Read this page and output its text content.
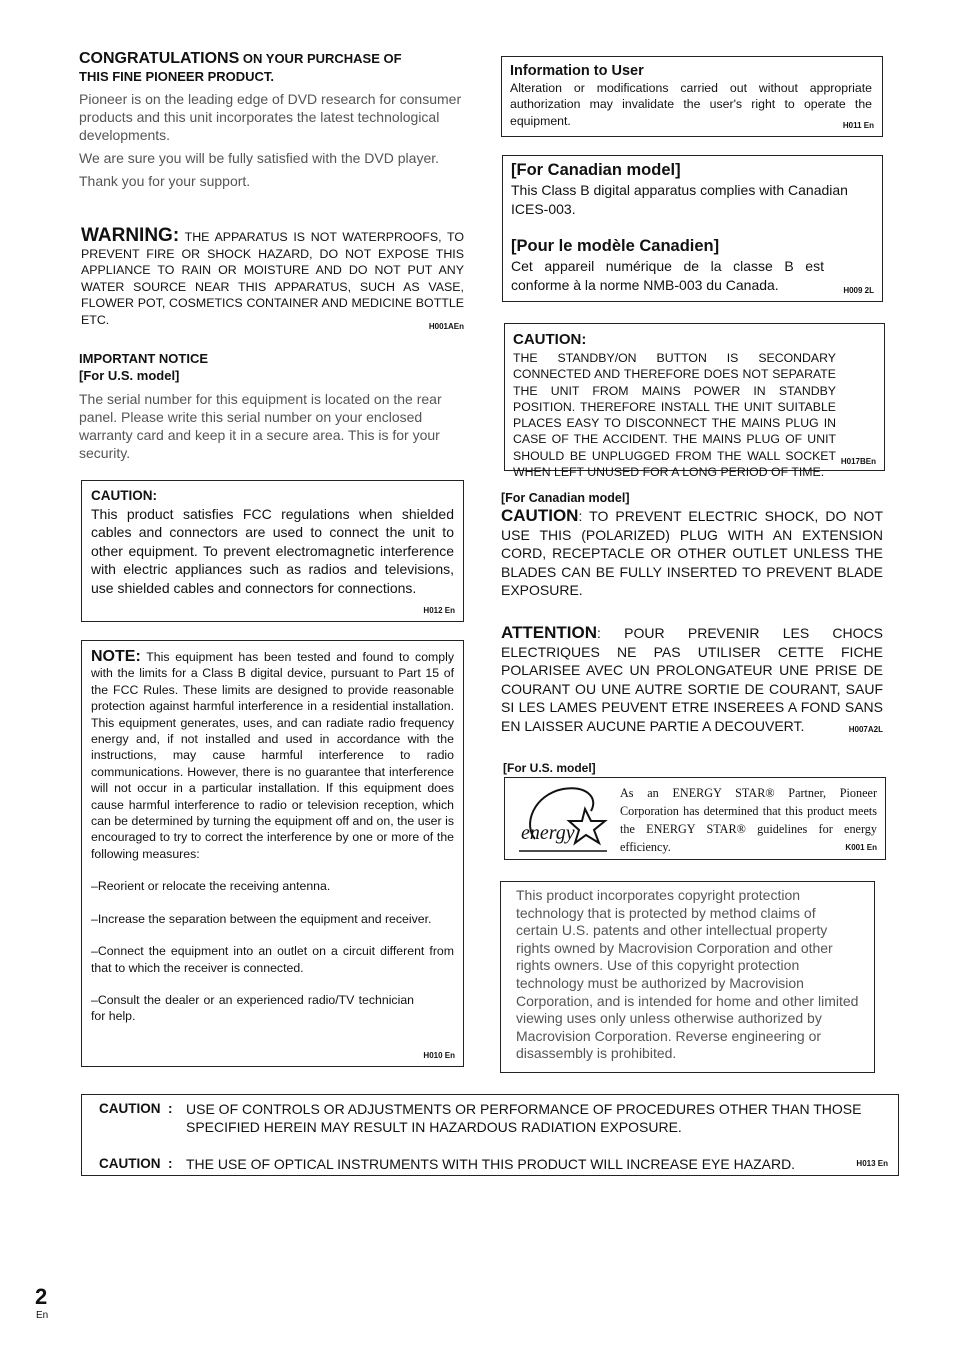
CONGRATULATIONS ON YOUR PURCHASE OF
THIS FINE PIONEER PRODUCT.

Pioneer is on the leading edge of DVD research for consumer products and this unit incorporates the latest technological developments.

We are sure you will be fully satisfied with the DVD player.

Thank you for your support.

WARNING: THE APPARATUS IS NOT WATERPROOFS, TO PREVENT FIRE OR SHOCK HAZARD, DO NOT EXPOSE THIS APPLIANCE TO RAIN OR MOISTURE AND DO NOT PUT ANY WATER SOURCE NEAR THIS APPARATUS, SUCH AS VASE, FLOWER POT, COSMETICS CONTAINER AND MEDICINE BOTTLE ETC.	H001AEn
IMPORTANT NOTICE
[For U.S. model]

The serial number for this equipment is located on the rear panel. Please write this serial number on your enclosed warranty card and keep it in a secure area. This is for your security.

CAUTION:

This product satisfies FCC regulations when shielded cables and connectors are used to connect the unit to other equipment. To prevent electromagnetic interference with electric appliances such as radios and televisions, use shielded cables and connectors for connections.

H012 En

NOTE: This equipment has been tested and found to comply with the limits for a Class B digital device, pursuant to Part 15 of the FCC Rules. These limits are designed to provide reasonable protection against harmful interference in a residential installation. This equipment generates, uses, and can radiate radio frequency energy and, if not installed and used in accordance with the instructions, may cause harmful interference to radio communications. However, there is no guarantee that interference will not occur in a particular installation. If this equipment does cause harmful interference to radio or television reception, which can be determined by turning the equipment off and on, the user is encouraged to try to correct the interference by one or more of the following measures:

–Reorient or relocate the receiving antenna.

–Increase the separation between the equipment and receiver.

–Connect the equipment into an outlet on a circuit different from that to which the receiver is connected.

–Consult the dealer or an experienced radio/TV technician for help.

H010 En
Information to User

Alteration or modifications carried out without appropriate authorization may invalidate the user's right to operate the equipment.	H011 En
[For Canadian model]

This Class B digital apparatus complies with Canadian ICES-003.

[Pour le modèle Canadien]

Cet appareil numérique de la classe B est conforme à la norme NMB-003 du Canada.	H009 2L
CAUTION:

THE STANDBY/ON BUTTON IS SECONDARY CONNECTED AND THEREFORE DOES NOT SEPARATE THE UNIT FROM MAINS POWER IN STANDBY POSITION. THEREFORE INSTALL THE UNIT SUITABLE PLACES EASY TO DISCONNECT THE MAINS PLUG IN CASE OF THE ACCIDENT. THE MAINS PLUG OF UNIT SHOULD BE UNPLUGGED FROM THE WALL SOCKET WHEN LEFT UNUSED FOR A LONG PERIOD OF TIME.

H017BEn
[For Canadian model]

CAUTION: TO PREVENT ELECTRIC SHOCK, DO NOT USE THIS (POLARIZED) PLUG WITH AN EXTENSION CORD, RECEPTACLE OR OTHER OUTLET UNLESS THE BLADES CAN BE FULLY INSERTED TO PREVENT BLADE EXPOSURE.

ATTENTION: POUR PREVENIR LES CHOCS ELECTRIQUES NE PAS UTILISER CETTE FICHE POLARISEE AVEC UN PROLONGATEUR UNE PRISE DE COURANT OU UNE AUTRE SORTIE DE COURANT, SAUF SI LES LAMES PEUVENT ETRE INSEREES A FOND SANS EN LAISSER AUCUNE PARTIE A DECOUVERT.	H007A2L
[For U.S. model]
energy

As an ENERGY STAR® Partner, Pioneer Corporation has determined that this product meets the ENERGY STAR® guidelines for energy efficiency.	K001 En

This product incorporates copyright protection technology that is protected by method claims of certain U.S. patents and other intellectual property rights owned by Macrovision Corporation and other rights owners. Use of this copyright protection technology must be authorized by Macrovision Corporation, and is intended for home and other limited viewing uses only unless otherwise authorized by Macrovision Corporation. Reverse engineering or disassembly is prohibited.

CAUTION  : USE OF CONTROLS OR ADJUSTMENTS OR PERFORMANCE OF PROCEDURES OTHER THAN THOSE SPECIFIED HEREIN MAY RESULT IN HAZARDOUS RADIATION EXPOSURE.
CAUTION  : THE USE OF OPTICAL INSTRUMENTS WITH THIS PRODUCT WILL INCREASE EYE HAZARD.	H013 En
2
En
